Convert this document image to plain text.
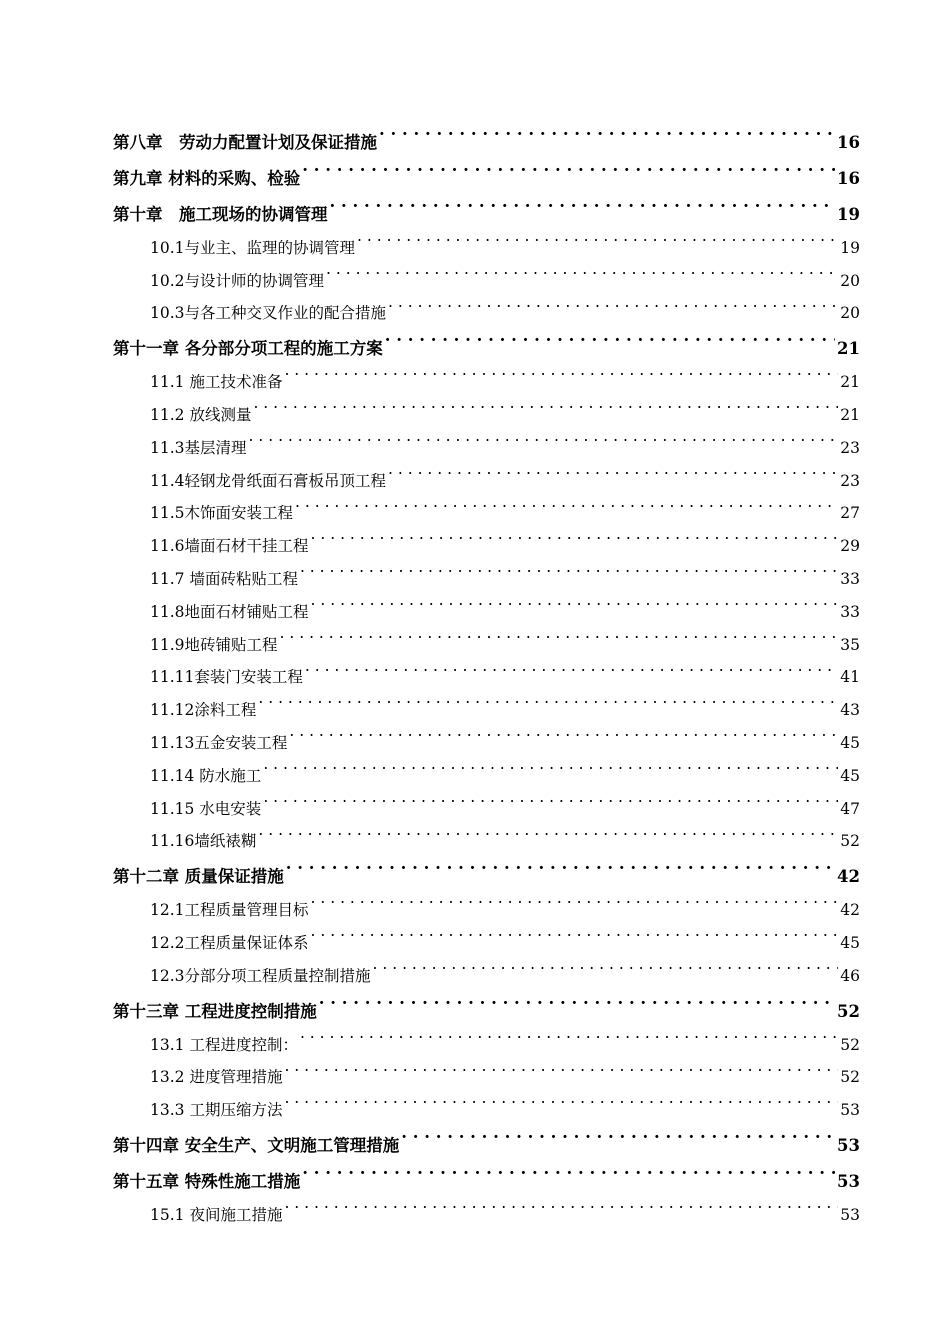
第八章　劳动力配置计划及保证措施 . . .	16
第九章 材料的采购、检验 . . .	16
第十章　施工现场的协调管理 . . .	19
10.1与业主、监理的协调管理 . . .	19
10.2与设计师的协调管理 . . .	20
10.3与各工种交叉作业的配合措施 . . .	20
第十一章 各分部分项工程的施工方案 . . .	21
11.1 施工技术准备 . . .	21
11.2 放线测量 . . .	21
11.3基层清理 . . .	23
11.4轻钢龙骨纸面石膏板吊顶工程 . . .	23
11.5木饰面安装工程 . . .	27
11.6墙面石材干挂工程 . . .	29
11.7 墙面砖粘贴工程 . . .	33
11.8地面石材铺贴工程 . . .	33
11.9地砖铺贴工程 . . .	35
11.11套装门安装工程 . . .	41
11.12涂料工程 . . .	43
11.13五金安装工程 . . .	45
11.14 防水施工 . . .	45
11.15 水电安装 . . .	47
11.16墙纸裱糊 . . .	52
第十二章 质量保证措施 . . .	42
12.1工程质量管理目标 . . .	42
12.2工程质量保证体系 . . .	45
12.3分部分项工程质量控制措施 . . .	46
第十三章 工程进度控制措施 . . .	52
13.1 工程进度控制： . . .	52
13.2 进度管理措施 . . .	52
13.3 工期压缩方法 . . .	53
第十四章 安全生产、文明施工管理措施 . . .	53
第十五章 特殊性施工措施 . . .	53
15.1 夜间施工措施 . . .	53
